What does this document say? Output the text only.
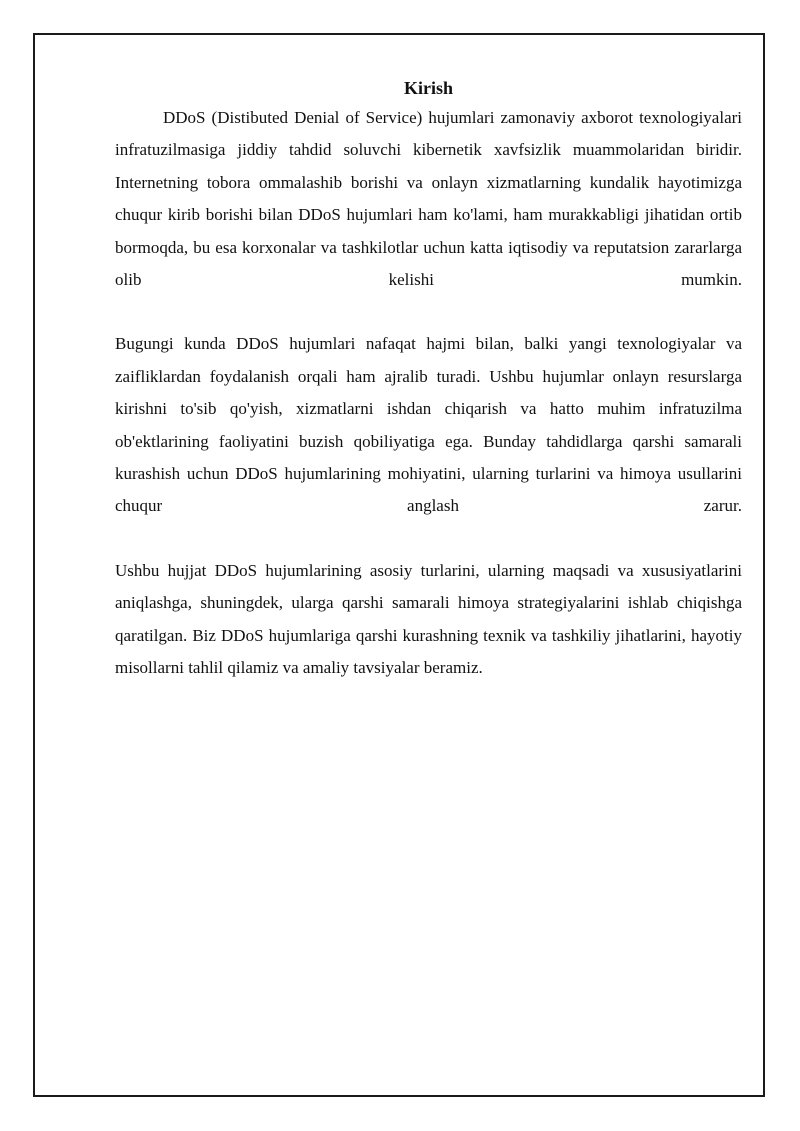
Kirish

DDoS (Distibuted Denial of Service) hujumlari zamonaviy axborot texnologiyalari infratuzilmasiga jiddiy tahdid soluvchi kibernetik xavfsizlik muammolaridan biridir. Internetning tobora ommalashib borishi va onlayn xizmatlarning kundalik hayotimizga chuqur kirib borishi bilan DDoS hujumlari ham ko'lami, ham murakkabligi jihatidan ortib bormoqda, bu esa korxonalar va tashkilotlar uchun katta iqtisodiy va reputatsion zararlarga olib kelishi mumkin.

Bugungi kunda DDoS hujumlari nafaqat hajmi bilan, balki yangi texnologiyalar va zaifliklardan foydalanish orqali ham ajralib turadi. Ushbu hujumlar onlayn resurslarga kirishni to'sib qo'yish, xizmatlarni ishdan chiqarish va hatto muhim infratuzilma ob'ektlarining faoliyatini buzish qobiliyatiga ega. Bunday tahdidlarga qarshi samarali kurashish uchun DDoS hujumlarining mohiyatini, ularning turlarini va himoya usullarini chuqur anglash zarur.

Ushbu hujjat DDoS hujumlarining asosiy turlarini, ularning maqsadi va xususiyatlarini aniqlashga, shuningdek, ularga qarshi samarali himoya strategiyalarini ishlab chiqishga qaratilgan. Biz DDoS hujumlariga qarshi kurashning texnik va tashkiliy jihatlarini, hayotiy misollarni tahlil qilamiz va amaliy tavsiyalar beramiz.
